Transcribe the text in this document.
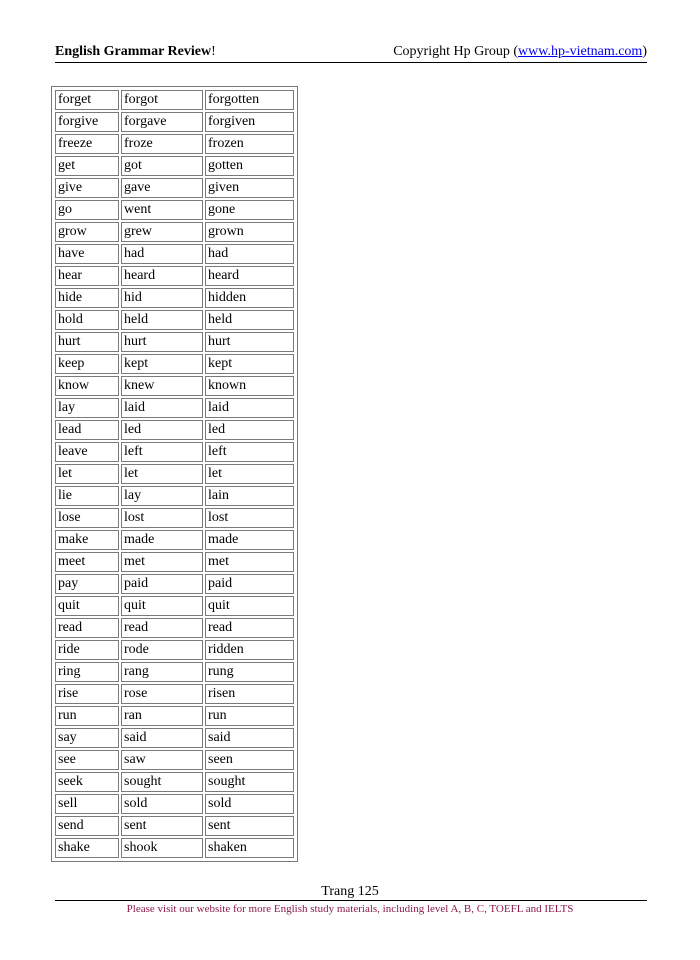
English Grammar Review!	Copyright Hp Group (www.hp-vietnam.com)
forget	forgot	forgotten
forgive	forgave	forgiven
freeze	froze	frozen
get	got	gotten
give	gave	given
go	went	gone
grow	grew	grown
have	had	had
hear	heard	heard
hide	hid	hidden
hold	held	held
hurt	hurt	hurt
keep	kept	kept
know	knew	known
lay	laid	laid
lead	led	led
leave	left	left
let	let	let
lie	lay	lain
lose	lost	lost
make	made	made
meet	met	met
pay	paid	paid
quit	quit	quit
read	read	read
ride	rode	ridden
ring	rang	rung
rise	rose	risen
run	ran	run
say	said	said
see	saw	seen
seek	sought	sought
sell	sold	sold
send	sent	sent
shake	shook	shaken
Trang 125
Please visit our website for more English study materials, including level A, B, C, TOEFL and IELTS
